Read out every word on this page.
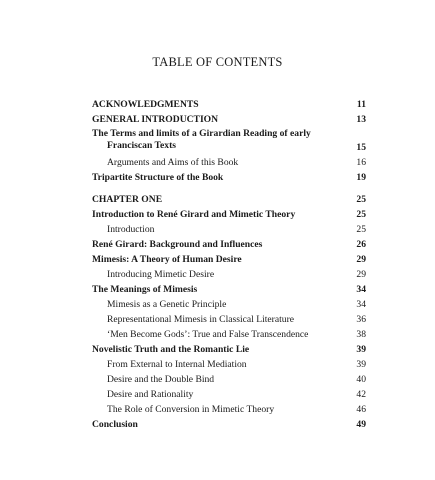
TABLE OF CONTENTS
ACKNOWLEDGMENTS	11
GENERAL INTRODUCTION	13
The Terms and limits of a Girardian Reading of early
Franciscan Texts	15
Arguments and Aims of this Book	16
Tripartite Structure of the Book	19
CHAPTER ONE	25
Introduction to René Girard and Mimetic Theory	25
Introduction	25
René Girard: Background and Influences	26
Mimesis: A Theory of Human Desire	29
Introducing Mimetic Desire	29
The Meanings of Mimesis	34
Mimesis as a Genetic Principle	34
Representational Mimesis in Classical Literature	36
‘Men Become Gods’: True and False Transcendence	38
Novelistic Truth and the Romantic Lie	39
From External to Internal Mediation	39
Desire and the Double Bind	40
Desire and Rationality	42
The Role of Conversion in Mimetic Theory	46
Conclusion	49
